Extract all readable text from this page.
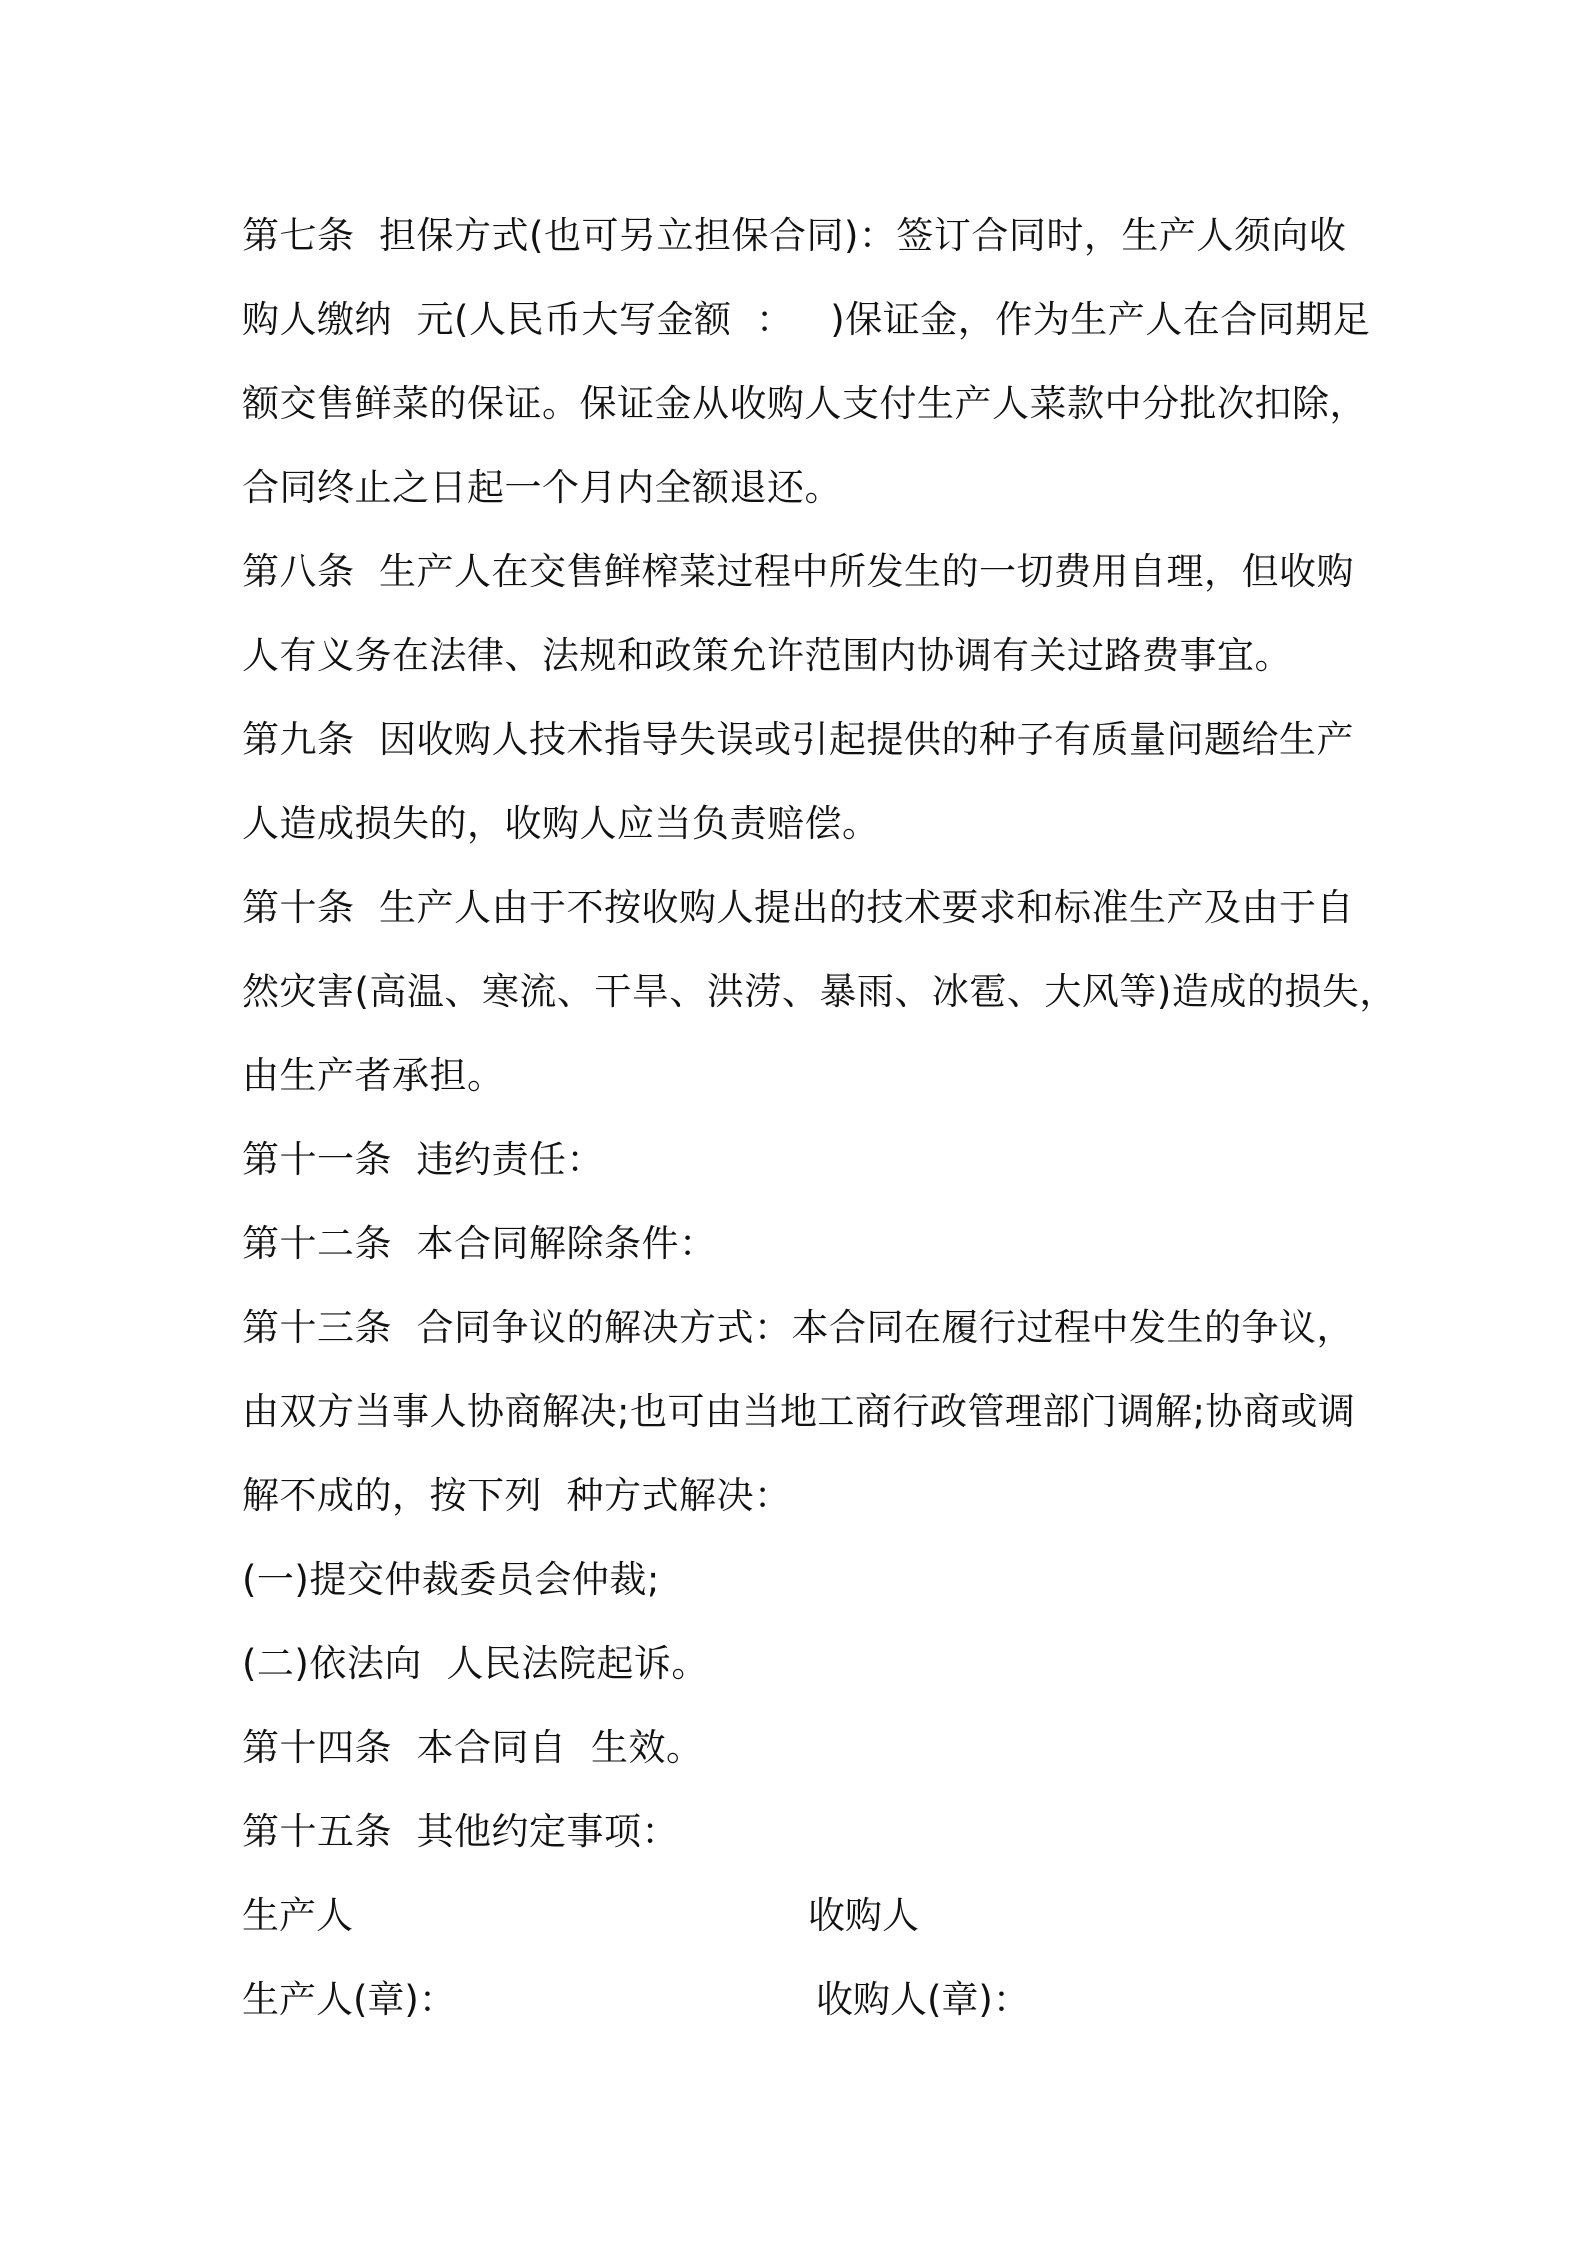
第七条  担保方式(也可另立担保合同)：签订合同时，生产人须向收
购人缴纳  元(人民币大写金额  ：   )保证金，作为生产人在合同期足
额交售鲜菜的保证。保证金从收购人支付生产人菜款中分批次扣除，
合同终止之日起一个月内全额退还。
第八条  生产人在交售鲜榨菜过程中所发生的一切费用自理，但收购
人有义务在法律、法规和政策允许范围内协调有关过路费事宜。
第九条  因收购人技术指导失误或引起提供的种子有质量问题给生产
人造成损失的，收购人应当负责赔偿。
第十条  生产人由于不按收购人提出的技术要求和标准生产及由于自
然灾害(高温、寒流、干旱、洪涝、暴雨、冰雹、大风等)造成的损失，
由生产者承担。
第十一条  违约责任：
第十二条  本合同解除条件：
第十三条  合同争议的解决方式：本合同在履行过程中发生的争议，
由双方当事人协商解决;也可由当地工商行政管理部门调解;协商或调
解不成的，按下列  种方式解决：
(一)提交仲裁委员会仲裁;
(二)依法向  人民法院起诉。
第十四条  本合同自  生效。
第十五条  其他约定事项：
生产人	收购人
生产人(章)：	收购人(章)：
